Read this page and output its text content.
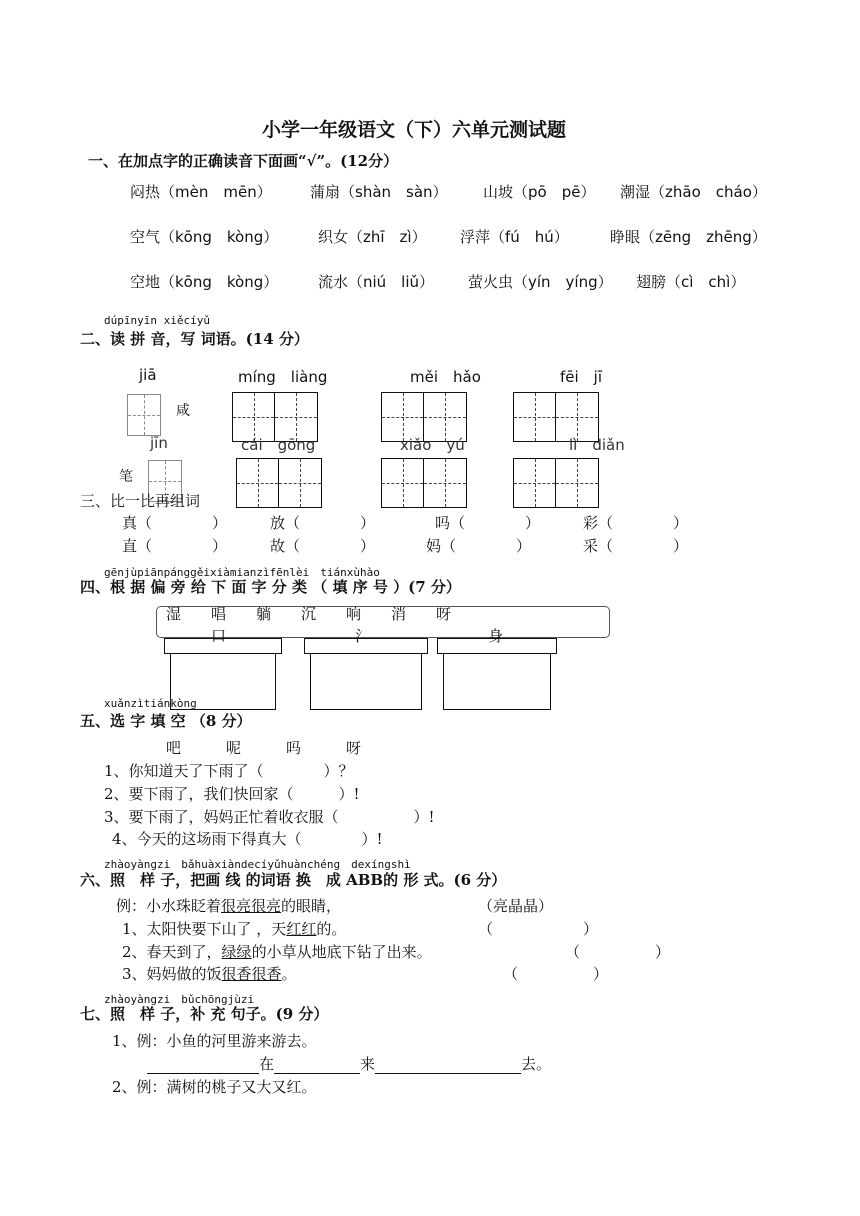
小学一年级语文（下）六单元测试题
一、在加点字的正确读音下面画“√”。(12分）
闷热（mèn　mēn）	蒲扇（shàn　sàn） 山坡（pō　pē） 潮湿（zhāo　cháo）
空气（kōng　kòng）	织女（zhī　zì） 浮萍（fú　hú）	睁眼（zēng　zhēng）
空地（kōng　kòng）	流水（niú　liǔ） 萤火虫（yín　yíng） 翅膀（cì　chì）
dúpīnyīn xiěcíyǔ
二、读 拼 音，写 词语。(14 分）
jiā	míng　liàng	měi　hǎo	fēi　jī
咸
jīn	cái　gōng	xiǎo　yú	lì　diǎn
笔
三、比一比再组词
真（　　　　）	放（　　　　）	吗（　　　　）	彩（　　　　）
直（　　　　）	故（　　　　）	妈（　　　　）	采（　　　　）
gēnjùpiānpánggěixiàmianzìfēnlèi　tiánxùhào
四、根 据 偏 旁 给 下 面 字 分 类 （ 填 序 号 ）(7 分）
湿　　唱　　躺　　沉　　响　　消　　呀
口	氵	身
xuǎnzìtiánkòng
五、选 字 填 空 （8 分）
吧　　　呢　　　吗　　　呀
1、你知道天了下雨了（　　　　）？
2、要下雨了，我们快回家（　　　）!
3、要下雨了，妈妈正忙着收衣服（　　　　　）!
4、今天的这场雨下得真大（　　　　）!
zhàoyàngzi　bǎhuàxiàndecíyǔhuànchéng　dexíngshì
六、照　样 子，把画 线 的词语 换　成 ABB的 形 式。(6 分）
例：小水珠眨着很亮很亮的眼睛，	（亮晶晶）
1、太阳快要下山了 ，天红红的。	（　　　　　　）
2、春天到了，绿绿的小草从地底下钻了出来。	（　　　　　）
3、妈妈做的饭很香很香。	（　　　　　）
zhàoyàngzi　bǔchōngjùzi
七、照　样 子，补 充 句子。(9 分）
1、例：小鱼的河里游来游去。
在	来	去。
2、例：满树的桃子又大又红。
